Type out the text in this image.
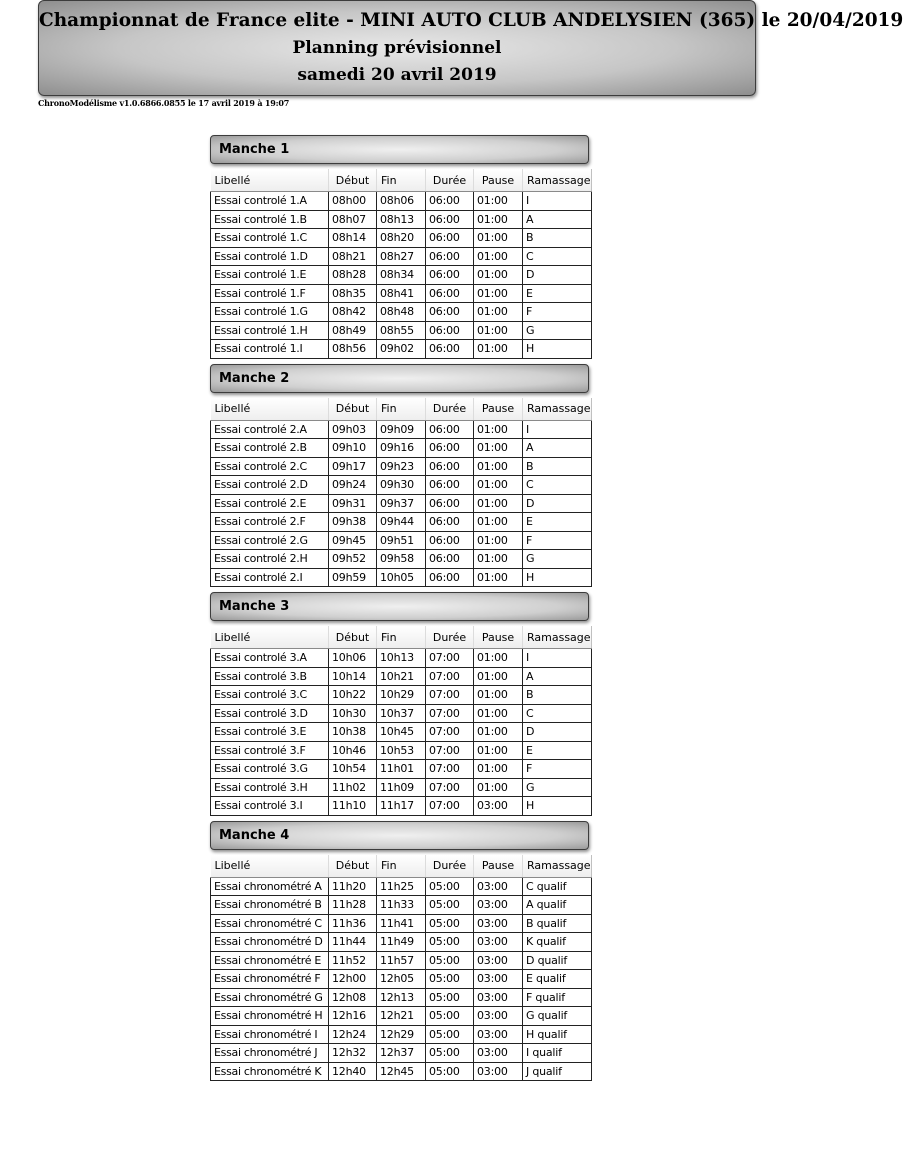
Championnat de France elite - MINI AUTO CLUB ANDELYSIEN (365) le 20/04/2019
Planning prévisionnel
samedi 20 avril 2019
ChronoModélisme v1.0.6866.0855 le 17 avril 2019 à 19:07
Manche 1
Libellé	Début	Fin	Durée	Pause	Ramassage
Essai controlé 1.A	08h00	08h06	06:00	01:00	I
Essai controlé 1.B	08h07	08h13	06:00	01:00	A
Essai controlé 1.C	08h14	08h20	06:00	01:00	B
Essai controlé 1.D	08h21	08h27	06:00	01:00	C
Essai controlé 1.E	08h28	08h34	06:00	01:00	D
Essai controlé 1.F	08h35	08h41	06:00	01:00	E
Essai controlé 1.G	08h42	08h48	06:00	01:00	F
Essai controlé 1.H	08h49	08h55	06:00	01:00	G
Essai controlé 1.I	08h56	09h02	06:00	01:00	H
Manche 2
Libellé	Début	Fin	Durée	Pause	Ramassage
Essai controlé 2.A	09h03	09h09	06:00	01:00	I
Essai controlé 2.B	09h10	09h16	06:00	01:00	A
Essai controlé 2.C	09h17	09h23	06:00	01:00	B
Essai controlé 2.D	09h24	09h30	06:00	01:00	C
Essai controlé 2.E	09h31	09h37	06:00	01:00	D
Essai controlé 2.F	09h38	09h44	06:00	01:00	E
Essai controlé 2.G	09h45	09h51	06:00	01:00	F
Essai controlé 2.H	09h52	09h58	06:00	01:00	G
Essai controlé 2.I	09h59	10h05	06:00	01:00	H
Manche 3
Libellé	Début	Fin	Durée	Pause	Ramassage
Essai controlé 3.A	10h06	10h13	07:00	01:00	I
Essai controlé 3.B	10h14	10h21	07:00	01:00	A
Essai controlé 3.C	10h22	10h29	07:00	01:00	B
Essai controlé 3.D	10h30	10h37	07:00	01:00	C
Essai controlé 3.E	10h38	10h45	07:00	01:00	D
Essai controlé 3.F	10h46	10h53	07:00	01:00	E
Essai controlé 3.G	10h54	11h01	07:00	01:00	F
Essai controlé 3.H	11h02	11h09	07:00	01:00	G
Essai controlé 3.I	11h10	11h17	07:00	03:00	H
Manche 4
Libellé	Début	Fin	Durée	Pause	Ramassage
Essai chronométré A	11h20	11h25	05:00	03:00	C qualif
Essai chronométré B	11h28	11h33	05:00	03:00	A qualif
Essai chronométré C	11h36	11h41	05:00	03:00	B qualif
Essai chronométré D	11h44	11h49	05:00	03:00	K qualif
Essai chronométré E	11h52	11h57	05:00	03:00	D qualif
Essai chronométré F	12h00	12h05	05:00	03:00	E qualif
Essai chronométré G	12h08	12h13	05:00	03:00	F qualif
Essai chronométré H	12h16	12h21	05:00	03:00	G qualif
Essai chronométré I	12h24	12h29	05:00	03:00	H qualif
Essai chronométré J	12h32	12h37	05:00	03:00	I qualif
Essai chronométré K	12h40	12h45	05:00	03:00	J qualif
